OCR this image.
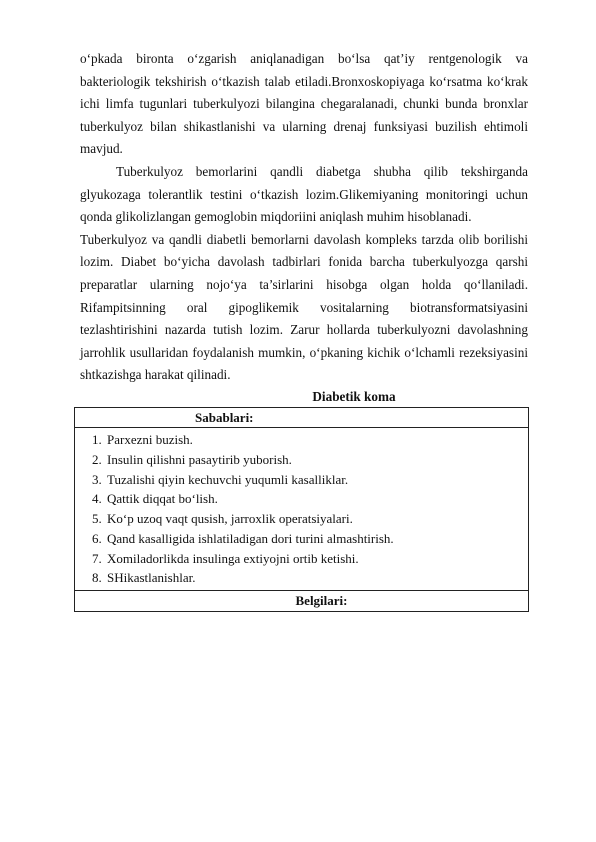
o‘pkada bironta o‘zgarish aniqlanadigan bo‘lsa qat’iy rentgenologik va bakteriologik tekshirish o‘tkazish talab etiladi.Bronxoskopiyaga ko‘rsatma ko‘krak ichi limfa tugunlari tuberkulyozi bilangina chegaralanadi, chunki bunda bronxlar tuberkulyoz bilan shikastlanishi va ularning drenaj funksiyasi buzilish ehtimoli mavjud.

Tuberkulyoz bemorlarini qandli diabetga shubha qilib tekshirganda glyukozaga tolerantlik testini o‘tkazish lozim.Glikemiyaning monitoringi uchun qonda glikolizlangan gemoglobin miqdoriini aniqlash muhim hisoblanadi.

Tuberkulyoz va qandli diabetli bemorlarni davolash kompleks tarzda olib borilishi lozim. Diabet bo‘yicha davolash tadbirlari fonida barcha tuberkulyozga qarshi preparatlar ularning nojo‘ya ta’sirlarini hisobga olgan holda qo‘llaniladi. Rifampitsinning oral gipoglikemik vositalarning biotransformatsiyasini tezlashtirishini nazarda tutish lozim. Zarur hollarda tuberkulyozni davolashning jarrohlik usullaridan foydalanish mumkin, o‘pkaning kichik o‘lchamli rezeksiyasini shtkazishga harakat qilinadi.

Diabetik koma

Sabablari:

1. Parxezni buzish.
2. Insulin qilishni pasaytirib yuborish.
3. Tuzalishi qiyin kechuvchi yuqumli kasalliklar.
4. Qattik diqqat bo‘lish.
5. Ko‘p uzoq vaqt qusish, jarroxlik operatsiyalari.
6. Qand kasalligida ishlatiladigan dori turini almashtirish.
7. Xomiladorlikda insulinga extiyojni ortib ketishi.
8. SHikastlanishlar.

Belgilari:
